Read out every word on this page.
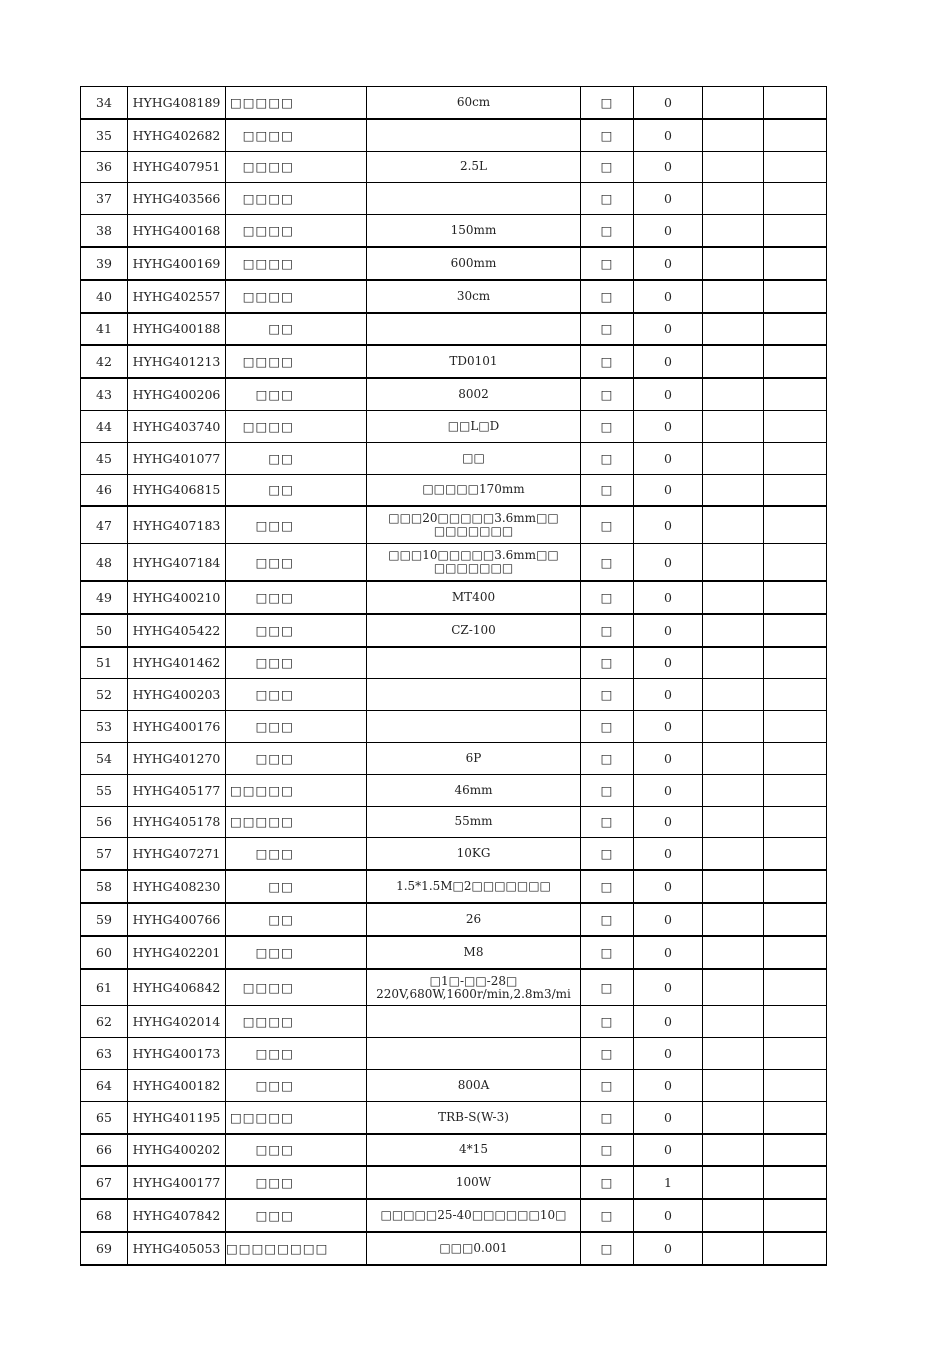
34	HYHG408189	□□□□□	60cm	□	0		
35	HYHG402682	□□□□		□	0		
36	HYHG407951	□□□□	2.5L	□	0		
37	HYHG403566	□□□□		□	0		
38	HYHG400168	□□□□	150mm	□	0		
39	HYHG400169	□□□□	600mm	□	0		
40	HYHG402557	□□□□	30cm	□	0		
41	HYHG400188	□□		□	0		
42	HYHG401213	□□□□	TD0101	□	0		
43	HYHG400206	□□□	8002	□	0		
44	HYHG403740	□□□□	□□L□D	□	0		
45	HYHG401077	□□	□□	□	0		
46	HYHG406815	□□	□□□□□170mm	□	0		
47	HYHG407183	□□□	□□□20□□□□□3.6mm□□
□□□□□□□	□	0		
48	HYHG407184	□□□	□□□10□□□□□3.6mm□□
□□□□□□□	□	0		
49	HYHG400210	□□□	MT400	□	0		
50	HYHG405422	□□□	CZ-100	□	0		
51	HYHG401462	□□□		□	0		
52	HYHG400203	□□□		□	0		
53	HYHG400176	□□□		□	0		
54	HYHG401270	□□□	6P	□	0		
55	HYHG405177	□□□□□	46mm	□	0		
56	HYHG405178	□□□□□	55mm	□	0		
57	HYHG407271	□□□	10KG	□	0		
58	HYHG408230	□□	1.5*1.5M□2□□□□□□□	□	0		
59	HYHG400766	□□	26	□	0		
60	HYHG402201	□□□	M8	□	0		
61	HYHG406842	□□□□	□1□-□□-28□
220V,680W,1600r/min,2.8m3/mi	□	0		
62	HYHG402014	□□□□		□	0		
63	HYHG400173	□□□		□	0		
64	HYHG400182	□□□	800A	□	0		
65	HYHG401195	□□□□□	TRB-S(W-3)	□	0		
66	HYHG400202	□□□	4*15	□	0		
67	HYHG400177	□□□	100W	□	1		
68	HYHG407842	□□□	□□□□□25-40□□□□□□10□	□	0		
69	HYHG405053	□□□□□□□□	□□□0.001	□	0		
